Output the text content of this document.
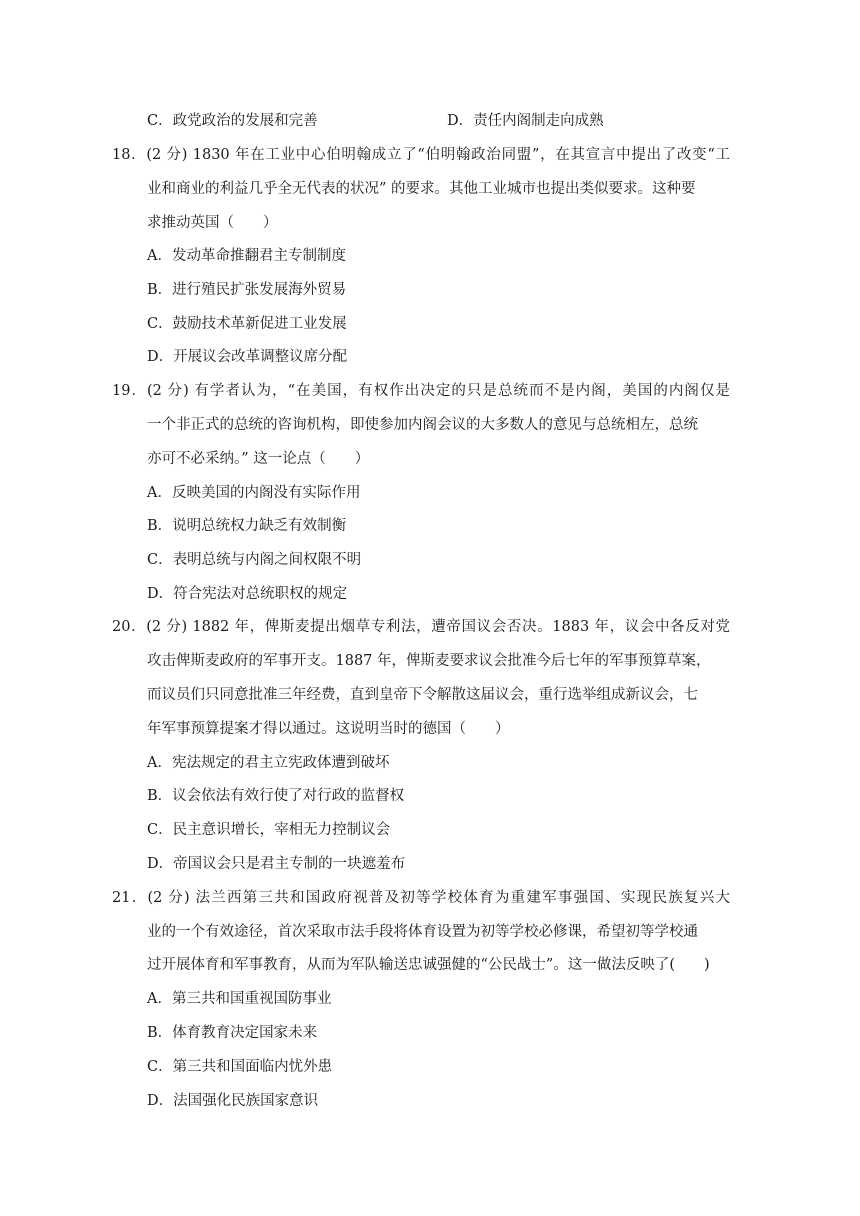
C．政党政治的发展和完善	D．责任内阁制走向成熟
18．(2 分) 1830 年在工业中心伯明翰成立了“伯明翰政治同盟”，在其宣言中提出了改变“工
业和商业的利益几乎全无代表的状况” 的要求。其他工业城市也提出类似要求。这种要
求推动英国（　　）
A．发动革命推翻君主专制制度
B．进行殖民扩张发展海外贸易
C．鼓励技术革新促进工业发展
D．开展议会改革调整议席分配
19．(2 分) 有学者认为，“在美国，有权作出决定的只是总统而不是内阁，美国的内阁仅是
一个非正式的总统的咨询机构，即使参加内阁会议的大多数人的意见与总统相左，总统
亦可不必采纳。” 这一论点（　　）
A．反映美国的内阁没有实际作用
B．说明总统权力缺乏有效制衡
C．表明总统与内阁之间权限不明
D．符合宪法对总统职权的规定
20．(2 分) 1882 年，俾斯麦提出烟草专利法，遭帝国议会否决。1883 年，议会中各反对党
攻击俾斯麦政府的军事开支。1887 年，俾斯麦要求议会批准今后七年的军事预算草案，
而议员们只同意批准三年经费，直到皇帝下令解散这届议会，重行选举组成新议会，七
年军事预算提案才得以通过。这说明当时的德国（　　）
A．宪法规定的君主立宪政体遭到破坏
B．议会依法有效行使了对行政的监督权
C．民主意识增长，宰相无力控制议会
D．帝国议会只是君主专制的一块遮羞布
21．(2 分) 法兰西第三共和国政府视普及初等学校体育为重建军事强国、实现民族复兴大
业的一个有效途径，首次采取市法手段将体育设置为初等学校必修课，希望初等学校通
过开展体育和军事教育，从而为军队输送忠诚强健的“公民战士”。这一做法反映了(　　)
A．第三共和国重视国防事业
B．体育教育决定国家未来
C．第三共和国面临内忧外患
D．法国强化民族国家意识
